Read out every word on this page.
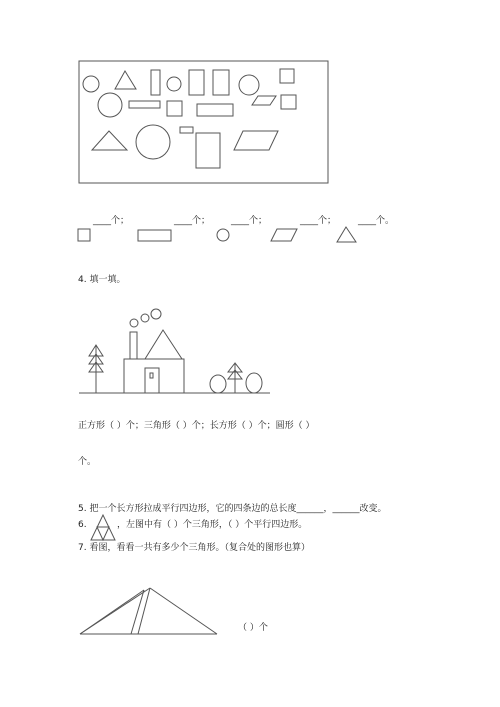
____个；	____个； ____个；	____个； ____个。
4. 填一填。
正方形（ ）个；三角形（ ）个；长方形（ ）个；圆形（ ）
个。
5. 把一个长方形拉成平行四边形，它的四条边的总长度______，______改变。
6.	，左图中有（ ）个三角形，（ ）个平行四边形。
7. 看图，看看一共有多少个三角形。（复合处的图形也算）
（ ）个
